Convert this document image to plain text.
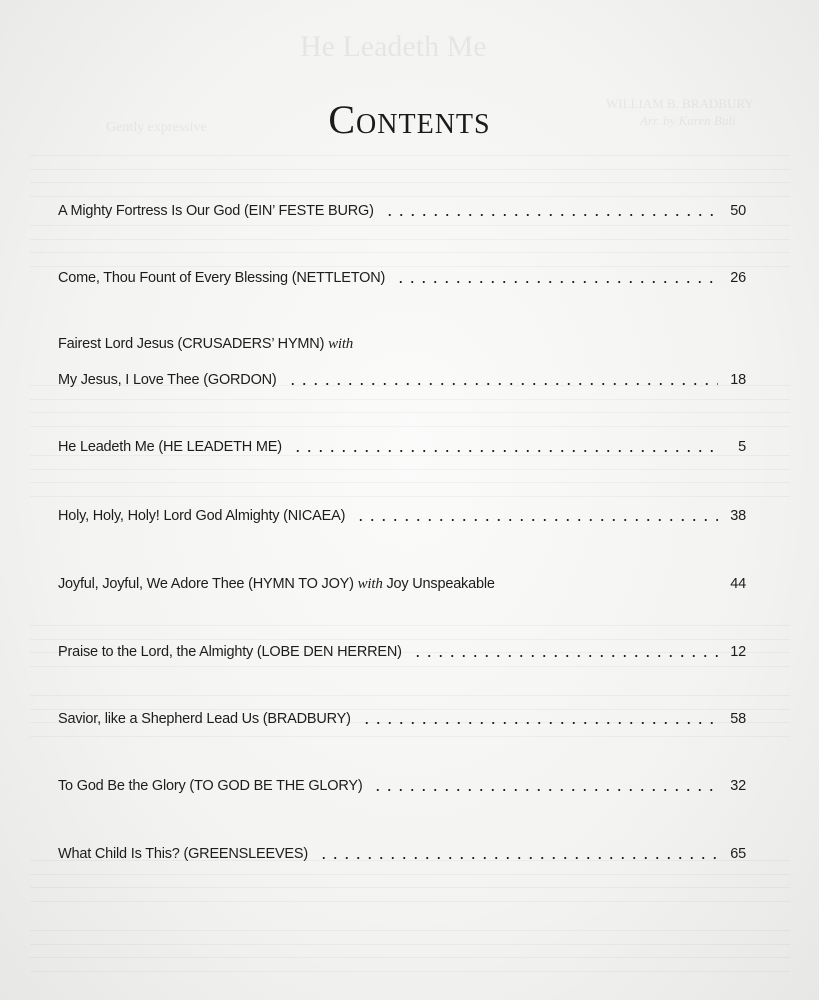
He Leadeth Me
WILLIAM B. BRADBURY
Arr. by Karen Buli
Gently expressive	Contents
A Mighty Fortress Is Our God (EIN’ FESTE BURG)	50
Come, Thou Fount of Every Blessing (NETTLETON)	26
Fairest Lord Jesus (CRUSADERS’ HYMN) with
My Jesus, I Love Thee (GORDON)	18
He Leadeth Me (HE LEADETH ME)	5
Holy, Holy, Holy! Lord God Almighty (NICAEA)	38
Joyful, Joyful, We Adore Thee (HYMN TO JOY) with Joy Unspeakable	44
Praise to the Lord, the Almighty (LOBE DEN HERREN)	12
Savior, like a Shepherd Lead Us (BRADBURY)	58
To God Be the Glory (TO GOD BE THE GLORY)	32
What Child Is This? (GREENSLEEVES)	65
